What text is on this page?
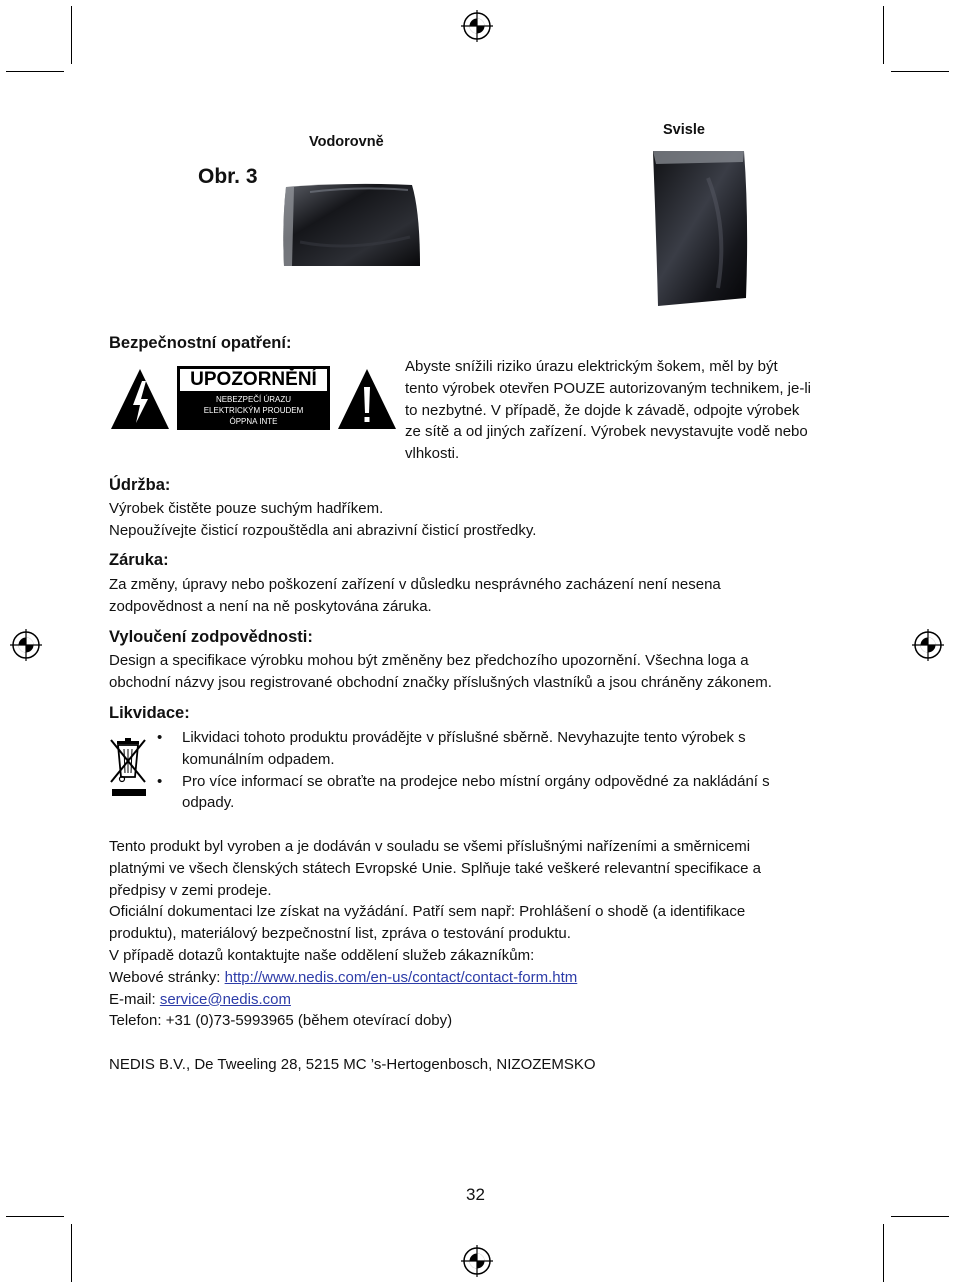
Vodorovně
Svisle
Obr. 3
Bezpečnostní opatření:
UPOZORNĚNÍ
NEBEZPEČÍ ÚRAZU
ELEKTRICKÝM PROUDEM
ÓPPNA INTE
Abyste snížili riziko úrazu elektrickým šokem, měl by být
tento výrobek otevřen POUZE autorizovaným technikem, je-li
to nezbytné. V případě, že dojde k závadě, odpojte výrobek
ze sítě a od jiných zařízení. Výrobek nevystavujte vodě nebo
vlhkosti.
Údržba:
Výrobek čistěte pouze suchým hadříkem.
Nepoužívejte čisticí rozpouštědla ani abrazivní čisticí prostředky.
Záruka:
Za změny, úpravy nebo poškození zařízení v důsledku nesprávného zacházení není nesena
zodpovědnost a není na ně poskytována záruka.
Vyloučení zodpovědnosti:
Design a specifikace výrobku mohou být změněny bez předchozího upozornění. Všechna loga a
obchodní názvy jsou registrované obchodní značky příslušných vlastníků a jsou chráněny zákonem.
Likvidace:
• Likvidaci tohoto produktu provádějte v příslušné sběrně. Nevyhazujte tento výrobek s
komunálním odpadem.
• Pro více informací se obraťte na prodejce nebo místní orgány odpovědné za nakládání s
odpady.
Tento produkt byl vyroben a je dodáván v souladu se všemi příslušnými nařízeními a směrnicemi
platnými ve všech členských státech Evropské Unie. Splňuje také veškeré relevantní specifikace a
předpisy v zemi prodeje.
Oficiální dokumentaci lze získat na vyžádání. Patří sem např: Prohlášení o shodě (a identifikace
produktu), materiálový bezpečnostní list, zpráva o testování produktu.
V případě dotazů kontaktujte naše oddělení služeb zákazníkům:
Webové stránky: http://www.nedis.com/en-us/contact/contact-form.htm
E-mail: service@nedis.com
Telefon: +31 (0)73-5993965 (během otevírací doby)
NEDIS B.V., De Tweeling 28, 5215 MC ’s-Hertogenbosch, NIZOZEMSKO
32
